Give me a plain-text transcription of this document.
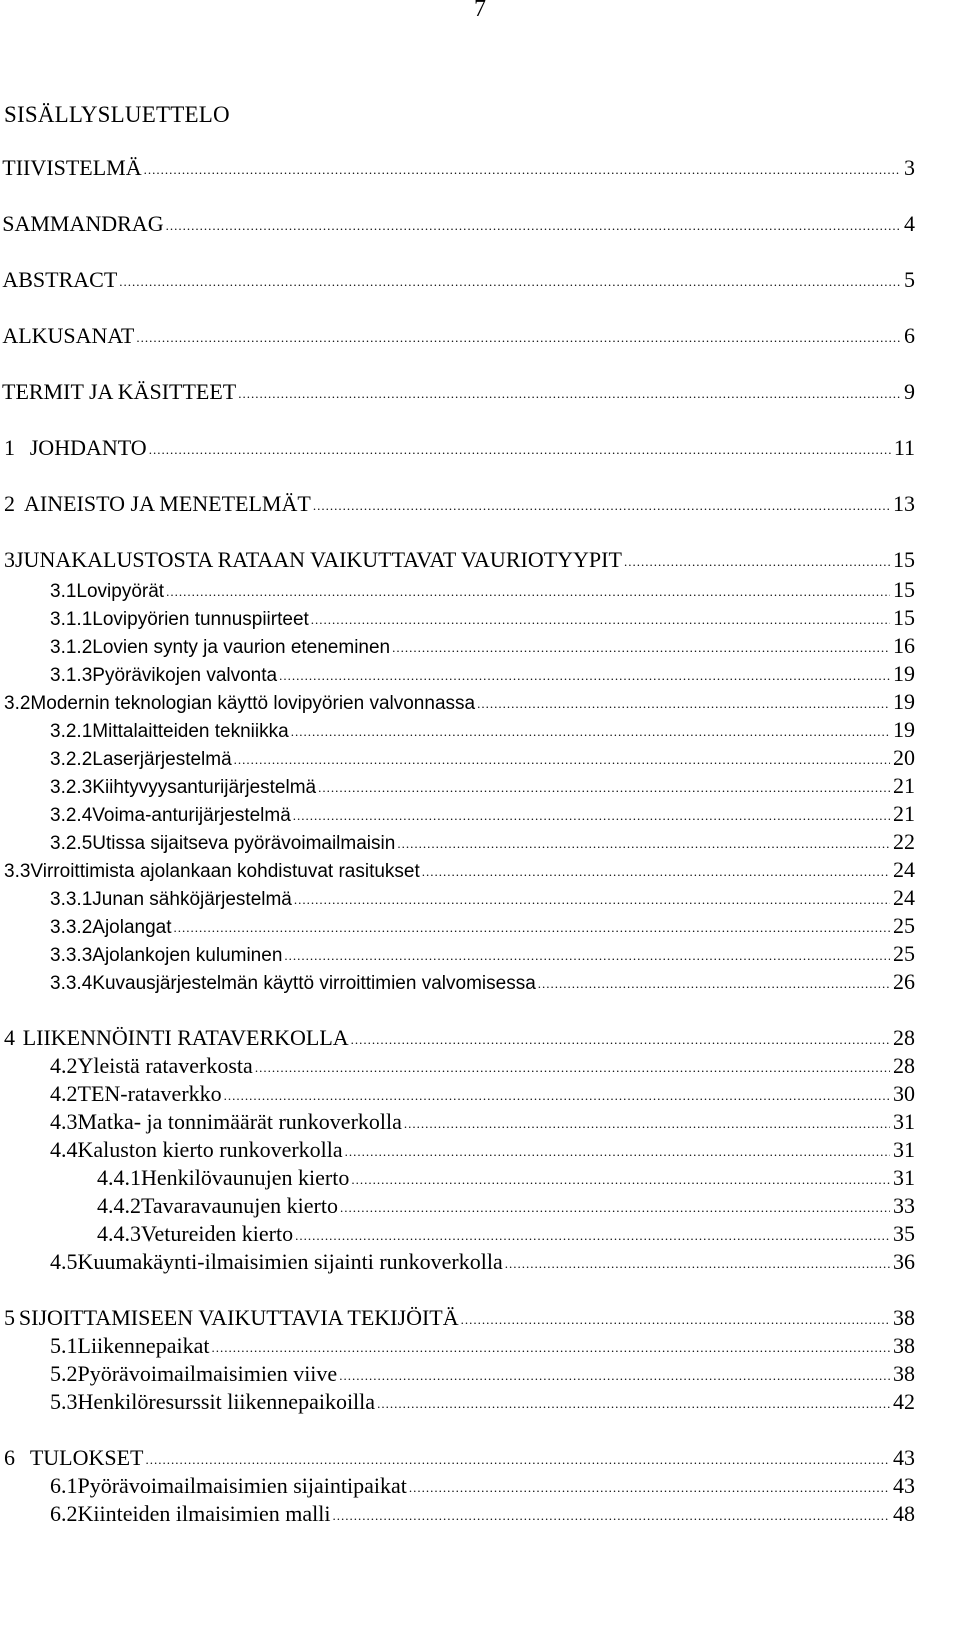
7
SISÄLLYSLUETTELO
TIIVISTELMÄ .....	3
SAMMANDRAG .....	4
ABSTRACT .....	5
ALKUSANAT .....	6
TERMIT JA KÄSITTEET .....	9
1 JOHDANTO .....	11
2 AINEISTO JA MENETELMÄT .....	13
3 JUNAKALUSTOSTA RATAAN VAIKUTTAVAT VAURIOTYYPIT .....	15
3.1 Lovipyörät .....	15
3.1.1 Lovipyörien tunnuspiirteet .....	15
3.1.2 Lovien synty ja vaurion eteneminen .....	16
3.1.3 Pyörävikojen valvonta .....	19
3.2 Modernin teknologian käyttö lovipyörien valvonnassa .....	19
3.2.1 Mittalaitteiden tekniikka .....	19
3.2.2 Laserjärjestelmä .....	20
3.2.3 Kiihtyvyysanturijärjestelmä .....	21
3.2.4 Voima-anturijärjestelmä .....	21
3.2.5 Utissa sijaitseva pyörävoimailmaisin .....	22
3.3 Virroittimista ajolankaan kohdistuvat rasitukset .....	24
3.3.1 Junan sähköjärjestelmä .....	24
3.3.2 Ajolangat .....	25
3.3.3 Ajolankojen kuluminen .....	25
3.3.4 Kuvausjärjestelmän käyttö virroittimien valvomisessa .....	26
4 LIIKENNÖINTI RATAVERKOLLA .....	28
4.2 Yleistä rataverkosta .....	28
4.2 TEN-rataverkko .....	30
4.3 Matka- ja tonnimäärät runkoverkolla .....	31
4.4 Kaluston kierto runkoverkolla .....	31
4.4.1 Henkilövaunujen kierto .....	31
4.4.2 Tavaravaunujen kierto .....	33
4.4.3 Vetureiden kierto .....	35
4.5 Kuumakäynti-ilmaisimien sijainti runkoverkolla .....	36
5 SIJOITTAMISEEN VAIKUTTAVIA TEKIJÖITÄ .....	38
5.1 Liikennepaikat .....	38
5.2 Pyörävoimailmaisimien viive .....	38
5.3 Henkilöresurssit liikennepaikoilla .....	42
6 TULOKSET .....	43
6.1 Pyörävoimailmaisimien sijaintipaikat .....	43
6.2 Kiinteiden ilmaisimien malli .....	48
